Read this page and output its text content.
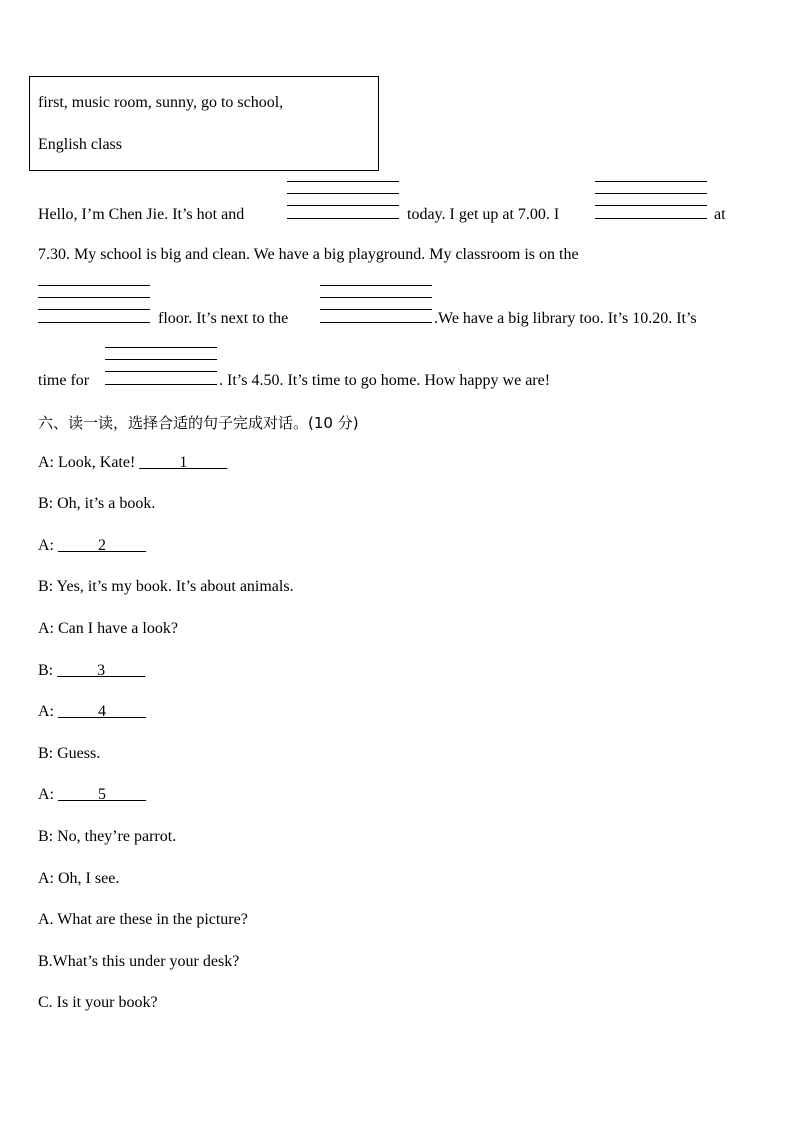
first, music room, sunny, go to school,
English class
Hello, I’m Chen Jie. It’s hot and	today. I get up at 7.00. I	at
7.30. My school is big and clean. We have a big playground. My classroom is on the
floor. It’s next to the	.We have a big library too. It’s 10.20. It’s
time for	. It’s 4.50. It’s time to go home. How happy we are!
六、读一读，选择合适的句子完成对话。(10 分)
A: Look, Kate! _____1_____
B: Oh, it’s a book.
A: _____2_____
B: Yes, it’s my book. It’s about animals.
A: Can I have a look?
B: _____3_____
A: _____4_____
B: Guess.
A: _____5_____
B: No, they’re parrot.
A: Oh, I see.
A. What are these in the picture?
B.What’s this under your desk?
C. Is it your book?
